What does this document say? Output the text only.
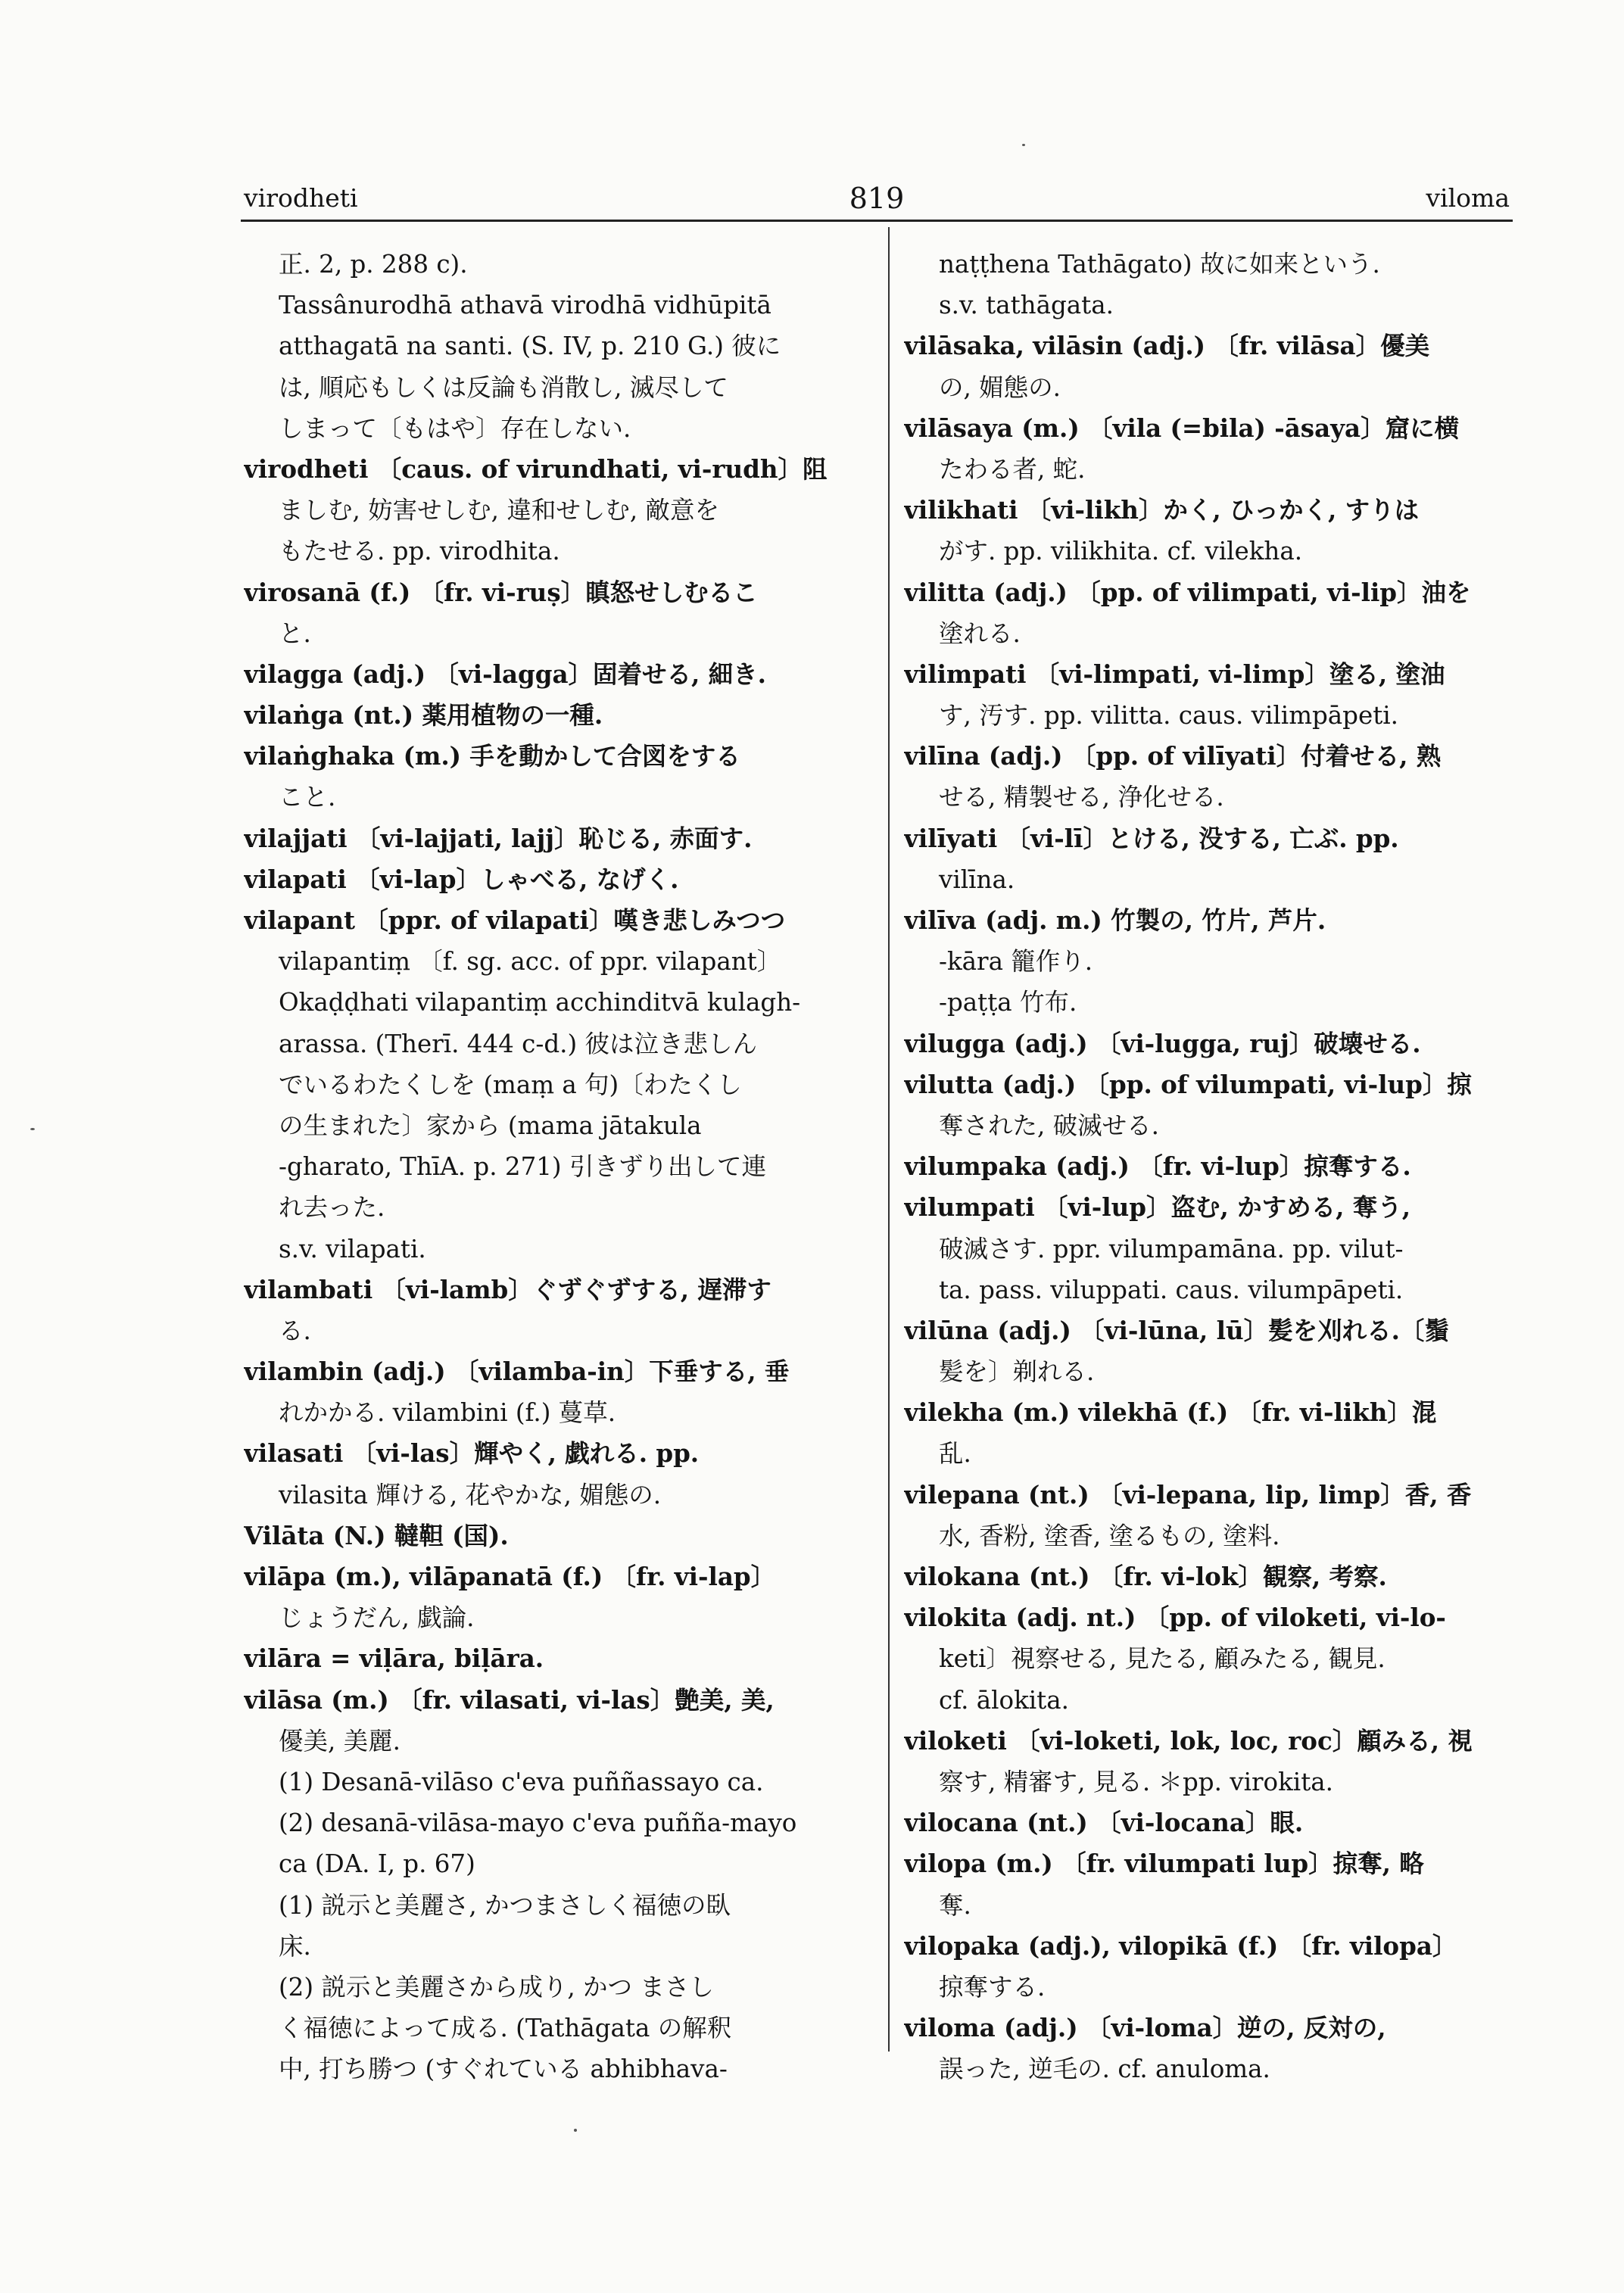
virodheti	819	viloma
正. 2, p. 288 c).
Tassânurodhā athavā virodhā vidhūpitā
atthagatā na santi. (S. IV, p. 210 G.) 彼に
は, 順応もしくは反論も消散し, 滅尽して
しまって〔もはや〕存在しない.
virodheti 〔caus. of virundhati, vi-rudh〕阻
ましむ, 妨害せしむ, 違和せしむ, 敵意を
もたせる. pp. virodhita.
virosanā (f.) 〔fr. vi-ruṣ〕瞋怒せしむるこ
と.
vilagga (adj.) 〔vi-lagga〕固着せる, 細き.
vilaṅga (nt.) 薬用植物の一種.
vilaṅghaka (m.) 手を動かして合図をする
こと.
vilajjati 〔vi-lajjati, lajj〕恥じる, 赤面す.
vilapati 〔vi-lap〕しゃべる, なげく.
vilapant 〔ppr. of vilapati〕嘆き悲しみつつ
vilapantiṃ 〔f. sg. acc. of ppr. vilapant〕
Okaḍḍhati vilapantiṃ acchinditvā kulagh-
arassa. (Therī. 444 c-d.) 彼は泣き悲しん
でいるわたくしを (maṃ a 句)〔わたくし
の生まれた〕家から (mama jātakula
-gharato, ThīA. p. 271) 引きずり出して連
れ去った.
s.v. vilapati.
vilambati 〔vi-lamb〕ぐずぐずする, 遅滞す
る.
vilambin (adj.) 〔vilamba-in〕下垂する, 垂
れかかる. vilambini (f.) 蔓草.
vilasati 〔vi-las〕輝やく, 戯れる. pp.
vilasita 輝ける, 花やかな, 媚態の.
Vilāta (N.) 韃靼 (国).
vilāpa (m.), vilāpanatā (f.) 〔fr. vi-lap〕
じょうだん, 戯論.
vilāra = viḷāra, biḷāra.
vilāsa (m.) 〔fr. vilasati, vi-las〕艶美, 美,
優美, 美麗.
(1) Desanā-vilāso c'eva puññassayo ca.
(2) desanā-vilāsa-mayo c'eva puñña-mayo
ca (DA. I, p. 67)
(1) 説示と美麗さ, かつまさしく福徳の臥
床.
(2) 説示と美麗さから成り, かつ まさし
く福徳によって成る. (Tathāgata の解釈
中, 打ち勝つ (すぐれている abhibhava-
naṭṭhena Tathāgato) 故に如来という.
s.v. tathāgata.
vilāsaka, vilāsin (adj.) 〔fr. vilāsa〕優美
の, 媚態の.
vilāsaya (m.) 〔vila (=bila) -āsaya〕窟に横
たわる者, 蛇.
vilikhati 〔vi-likh〕かく, ひっかく, すりは
がす. pp. vilikhita. cf. vilekha.
vilitta (adj.) 〔pp. of vilimpati, vi-lip〕油を
塗れる.
vilimpati 〔vi-limpati, vi-limp〕塗る, 塗油
す, 汚す. pp. vilitta. caus. vilimpāpeti.
vilīna (adj.) 〔pp. of vilīyati〕付着せる, 熟
せる, 精製せる, 浄化せる.
vilīyati 〔vi-lī〕とける, 没する, 亡ぶ. pp.
vilīna.
vilīva (adj. m.) 竹製の, 竹片, 芦片.
-kāra 籠作り.
-paṭṭa 竹布.
vilugga (adj.) 〔vi-lugga, ruj〕破壊せる.
vilutta (adj.) 〔pp. of vilumpati, vi-lup〕掠
奪された, 破滅せる.
vilumpaka (adj.) 〔fr. vi-lup〕掠奪する.
vilumpati 〔vi-lup〕盗む, かすめる, 奪う,
破滅さす. ppr. vilumpamāna. pp. vilut-
ta. pass. viluppati. caus. vilumpāpeti.
vilūna (adj.) 〔vi-lūna, lū〕髪を刈れる.〔鬚
髪を〕剃れる.
vilekha (m.) vilekhā (f.) 〔fr. vi-likh〕混
乱.
vilepana (nt.) 〔vi-lepana, lip, limp〕香, 香
水, 香粉, 塗香, 塗るもの, 塗料.
vilokana (nt.) 〔fr. vi-lok〕観察, 考察.
vilokita (adj. nt.) 〔pp. of viloketi, vi-lo-
keti〕視察せる, 見たる, 顧みたる, 観見.
cf. ālokita.
viloketi 〔vi-loketi, lok, loc, roc〕顧みる, 視
察す, 精審す, 見る. ＊pp. virokita.
vilocana (nt.) 〔vi-locana〕眼.
vilopa (m.) 〔fr. vilumpati lup〕掠奪, 略
奪.
vilopaka (adj.), vilopikā (f.) 〔fr. vilopa〕
掠奪する.
viloma (adj.) 〔vi-loma〕逆の, 反対の,
誤った, 逆毛の. cf. anuloma.
